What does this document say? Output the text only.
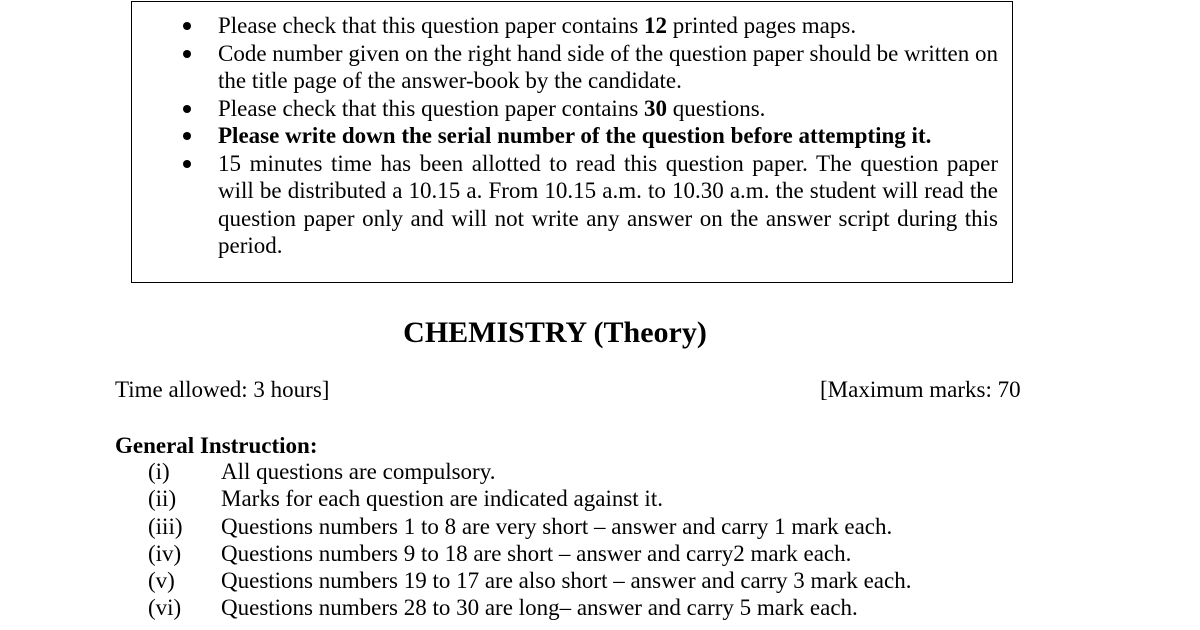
Please check that this question paper contains 12 printed pages maps.
Code number given on the right hand side of the question paper should be written on the title page of the answer-book by the candidate.
Please check that this question paper contains 30 questions.
Please write down the serial number of the question before attempting it.
15 minutes time has been allotted to read this question paper. The question paper will be distributed a 10.15 a. From 10.15 a.m. to 10.30 a.m. the student will read the question paper only and will not write any answer on the answer script during this period.
CHEMISTRY (Theory)
Time allowed: 3 hours]	[Maximum marks: 70
General Instruction:
(i) All questions are compulsory.
(ii) Marks for each question are indicated against it.
(iii) Questions numbers 1 to 8 are very short – answer and carry 1 mark each.
(iv) Questions numbers 9 to 18 are short – answer and carry2 mark each.
(v) Questions numbers 19 to 17 are also short – answer and carry 3 mark each.
(vi) Questions numbers 28 to 30 are long– answer and carry 5 mark each.
